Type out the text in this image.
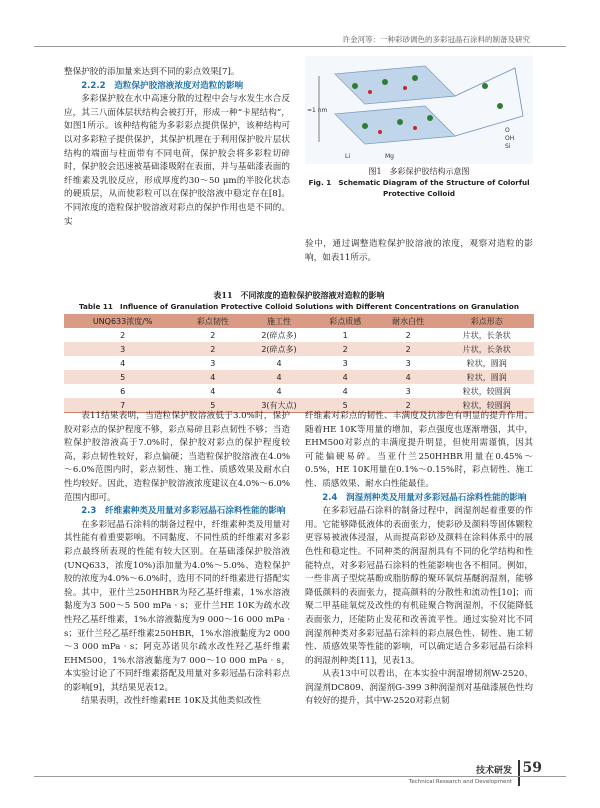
许金河等：一种彩砂调色的多彩冠晶石涂料的制备及研究

整保护胶的添加量来达到不同的彩点效果[7]。

2.2.2　造粒保护胶溶液浓度对造粒的影响

多彩保护胶在水中高速分散的过程中会与水发生水合反应，其三八面体层状结构会被打开，形成一种“卡屋结构”，如图1所示。该种结构能为多彩彩点提供保护，该种结构可以对多彩粒子提供保护，其保护机理在于利用保护胶片层状结构的端面与柱面带有不同电荷，保护胶会将多彩粒切碎时，保护胶会迅速被基础漆吸附在表面，并与基础漆表面的纤维素及乳胶反应，形成厚度约30～50 μm的半胶化状态的硬质层，从而使彩粒可以在保护胶溶液中稳定存在[8]。不同浓度的造粒保护胶溶液对彩点的保护作用也是不同的。实

≈1 nm
O
OH
Si
Li	Mg
图1　多彩保护胶结构示意图
Fig. 1　Schematic Diagram of the Structure of Colorful Protective Colloid

验中，通过调整造粒保护胶溶液的浓度，观察对造粒的影响，如表11所示。

表11　不同浓度的造粒保护胶溶液对造粒的影响
Table 11　Influence of Granulation Protective Colloid Solutions with Different Concentrations on Granulation
UNQ633浓度/%	彩点韧性	施工性	彩点质感	耐水白性	彩点形态
2	2	2(碎点多)	1	2	片状，长条状
3	2	2(碎点多)	2	2	片状，长条状
4	3	4	3	3	粒状，圆润
5	4	4	4	4	粒状，圆润
6	4	4	4	3	粒状，较圆润
7	5	3(有大点)	5	2	粒状，较圆润

表11结果表明，当造粒保护胶溶液低于3.0%时，保护胶对彩点的保护程度不够，彩点易碎且彩点韧性不够；当造粒保护胶溶液高于7.0%时，保护胶对彩点的保护程度较高，彩点韧性较好，彩点偏硬；当造粒保护胶溶液在4.0%～6.0%范围内时，彩点韧性、施工性、质感效果及耐水白性均较好。因此，造粒保护胶溶液浓度建议在4.0%～6.0%范围内即可。

2.3　纤维素种类及用量对多彩冠晶石涂料性能的影响

在多彩冠晶石涂料的制备过程中，纤维素种类及用量对其性能有着重要影响。不同黏度、不同性质的纤维素对多彩彩点最终所表现的性能有较大区别。在基础漆保护胶溶液(UNQ633，浓度10%)添加量为4.0%～5.0%、造粒保护胶的浓度为4.0%～6.0%时，选用不同的纤维素进行搭配实验。其中，亚什兰250HHBR为羟乙基纤维素，1%水溶液黏度为3 500～5 500 mPa · s；亚什兰HE 10K为疏水改性羟乙基纤维素，1%水溶液黏度为9 000～16 000 mPa · s；亚什兰羟乙基纤维素250HBR，1%水溶液黏度为2 000～3 000 mPa · s；阿克苏诺贝尔疏水改性羟乙基纤维素EHM500，1%水溶液黏度为7 000～10 000 mPa · s，本实验讨论了不同纤维素搭配及用量对多彩冠晶石涂料彩点的影响[9]，其结果见表12。

结果表明，改性纤维素HE 10K及其他类似改性

纤维素对彩点的韧性、丰满度及抗渗色有明显的提升作用。随着HE 10K等用量的增加，彩点强度也逐渐增强，其中，EHM500对彩点的丰满度提升明显，但使用需谨慎，因其可能偏硬易碎。当亚什兰250HHBR用量在0.45%～0.5%，HE 10K用量在0.1%～0.15%时，彩点韧性、施工性、质感效果、耐水白性能最佳。

2.4　润湿剂种类及用量对多彩冠晶石涂料性能的影响

在多彩冠晶石涂料的制备过程中，润湿剂起着重要的作用。它能够降低液体的表面张力，使彩砂及颜料等固体颗粒更容易被液体浸湿，从而提高彩砂及颜料在涂料体系中的展色性和稳定性。不同种类的润湿剂具有不同的化学结构和性能特点，对多彩冠晶石涂料的性能影响也各不相同。例如，一些非离子型烷基酚或脂肪醇的聚环氧烷基醚润湿剂，能够降低颜料的表面张力，提高颜料的分散性和流动性[10]；而聚二甲基硅氧烷及改性的有机硅聚合物润湿剂，不仅能降低表面张力，还能防止发花和改善流平性。通过实验对比不同润湿剂种类对多彩冠晶石涂料的彩点展色性、韧性、施工韧性、质感效果等性能的影响，可以确定适合多彩冠晶石涂料的润湿剂种类[11]，见表13。

从表13中可以看出，在本实验中润湿增韧剂W-2520、润湿剂DC809、润湿剂G-399 3种润湿剂对基础漆展色性均有较好的提升，其中W-2520对彩点韧

技术研发
Technical Research and Development
59
